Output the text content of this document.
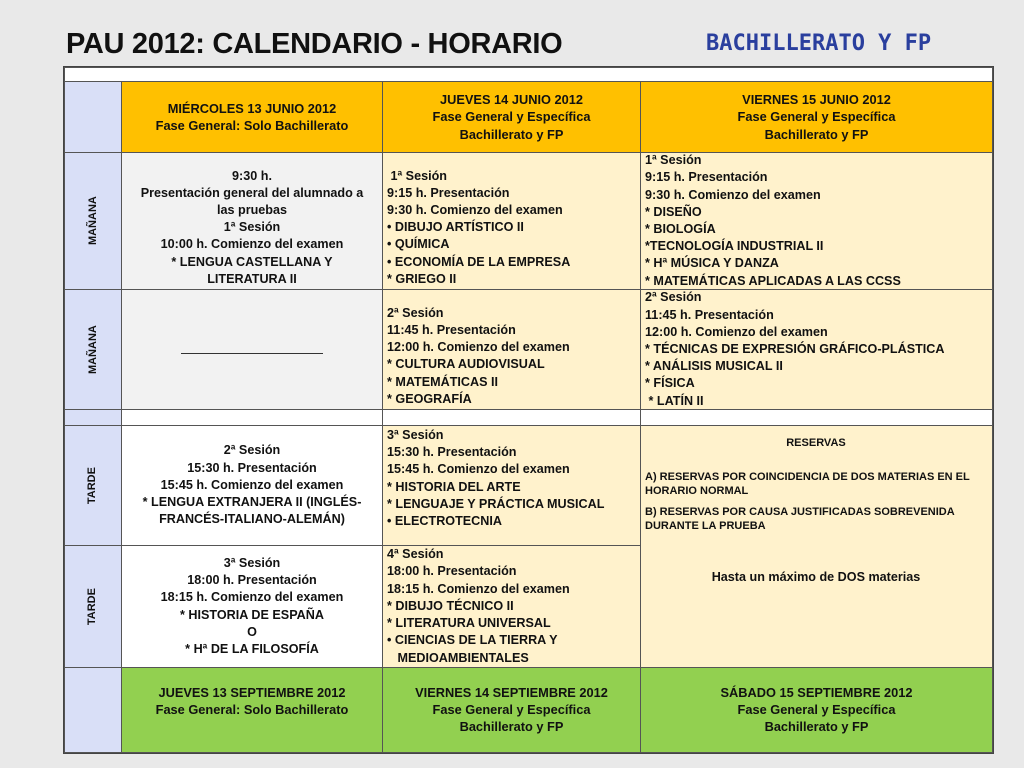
PAU 2012: CALENDARIO - HORARIO	BACHILLERATO Y FP
MIÉRCOLES 13 JUNIO 2012
Fase General: Solo Bachillerato
JUEVES 14 JUNIO 2012
Fase General y Específica
Bachillerato y FP
VIERNES 15 JUNIO 2012
Fase General y Específica
Bachillerato y FP
MAÑANA
9:30 h.
Presentación general del alumnado a
las pruebas
1ª Sesión
10:00 h. Comienzo del examen
* LENGUA CASTELLANA Y
LITERATURA II
1ª Sesión
9:15 h. Presentación
9:30 h. Comienzo del examen
• DIBUJO ARTÍSTICO II
• QUÍMICA
• ECONOMÍA DE LA EMPRESA
* GRIEGO II
1ª Sesión
9:15 h. Presentación
9:30 h. Comienzo del examen
* DISEÑO
* BIOLOGÍA
*TECNOLOGÍA INDUSTRIAL II
* Hª MÚSICA Y DANZA
* MATEMÁTICAS APLICADAS A LAS CCSS
MAÑANA
2ª Sesión
11:45 h. Presentación
12:00 h. Comienzo del examen
* CULTURA AUDIOVISUAL
* MATEMÁTICAS II
* GEOGRAFÍA
2ª Sesión
11:45 h. Presentación
12:00 h. Comienzo del examen
* TÉCNICAS DE EXPRESIÓN GRÁFICO-PLÁSTICA
* ANÁLISIS MUSICAL II
* FÍSICA
* LATÍN II
TARDE
2ª Sesión
15:30 h. Presentación
15:45 h. Comienzo del examen
* LENGUA EXTRANJERA II (INGLÉS-
FRANCÉS-ITALIANO-ALEMÁN)
3ª Sesión
15:30 h. Presentación
15:45 h. Comienzo del examen
* HISTORIA DEL ARTE
* LENGUAJE Y PRÁCTICA MUSICAL
• ELECTROTECNIA
RESERVAS
A) RESERVAS POR COINCIDENCIA DE DOS MATERIAS EN EL HORARIO NORMAL
B) RESERVAS POR CAUSA JUSTIFICADAS SOBREVENIDA DURANTE LA PRUEBA
Hasta un máximo de DOS materias
TARDE
3ª Sesión
18:00 h. Presentación
18:15 h. Comienzo del examen
* HISTORIA DE ESPAÑA
O
* Hª DE LA FILOSOFÍA
4ª Sesión
18:00 h. Presentación
18:15 h. Comienzo del examen
* DIBUJO TÉCNICO II
* LITERATURA UNIVERSAL
• CIENCIAS DE LA TIERRA Y
MEDIOAMBIENTALES
JUEVES 13 SEPTIEMBRE 2012
Fase General: Solo Bachillerato
VIERNES 14 SEPTIEMBRE 2012
Fase General y Específica
Bachillerato y FP
SÁBADO 15 SEPTIEMBRE 2012
Fase General y Específica
Bachillerato y FP
